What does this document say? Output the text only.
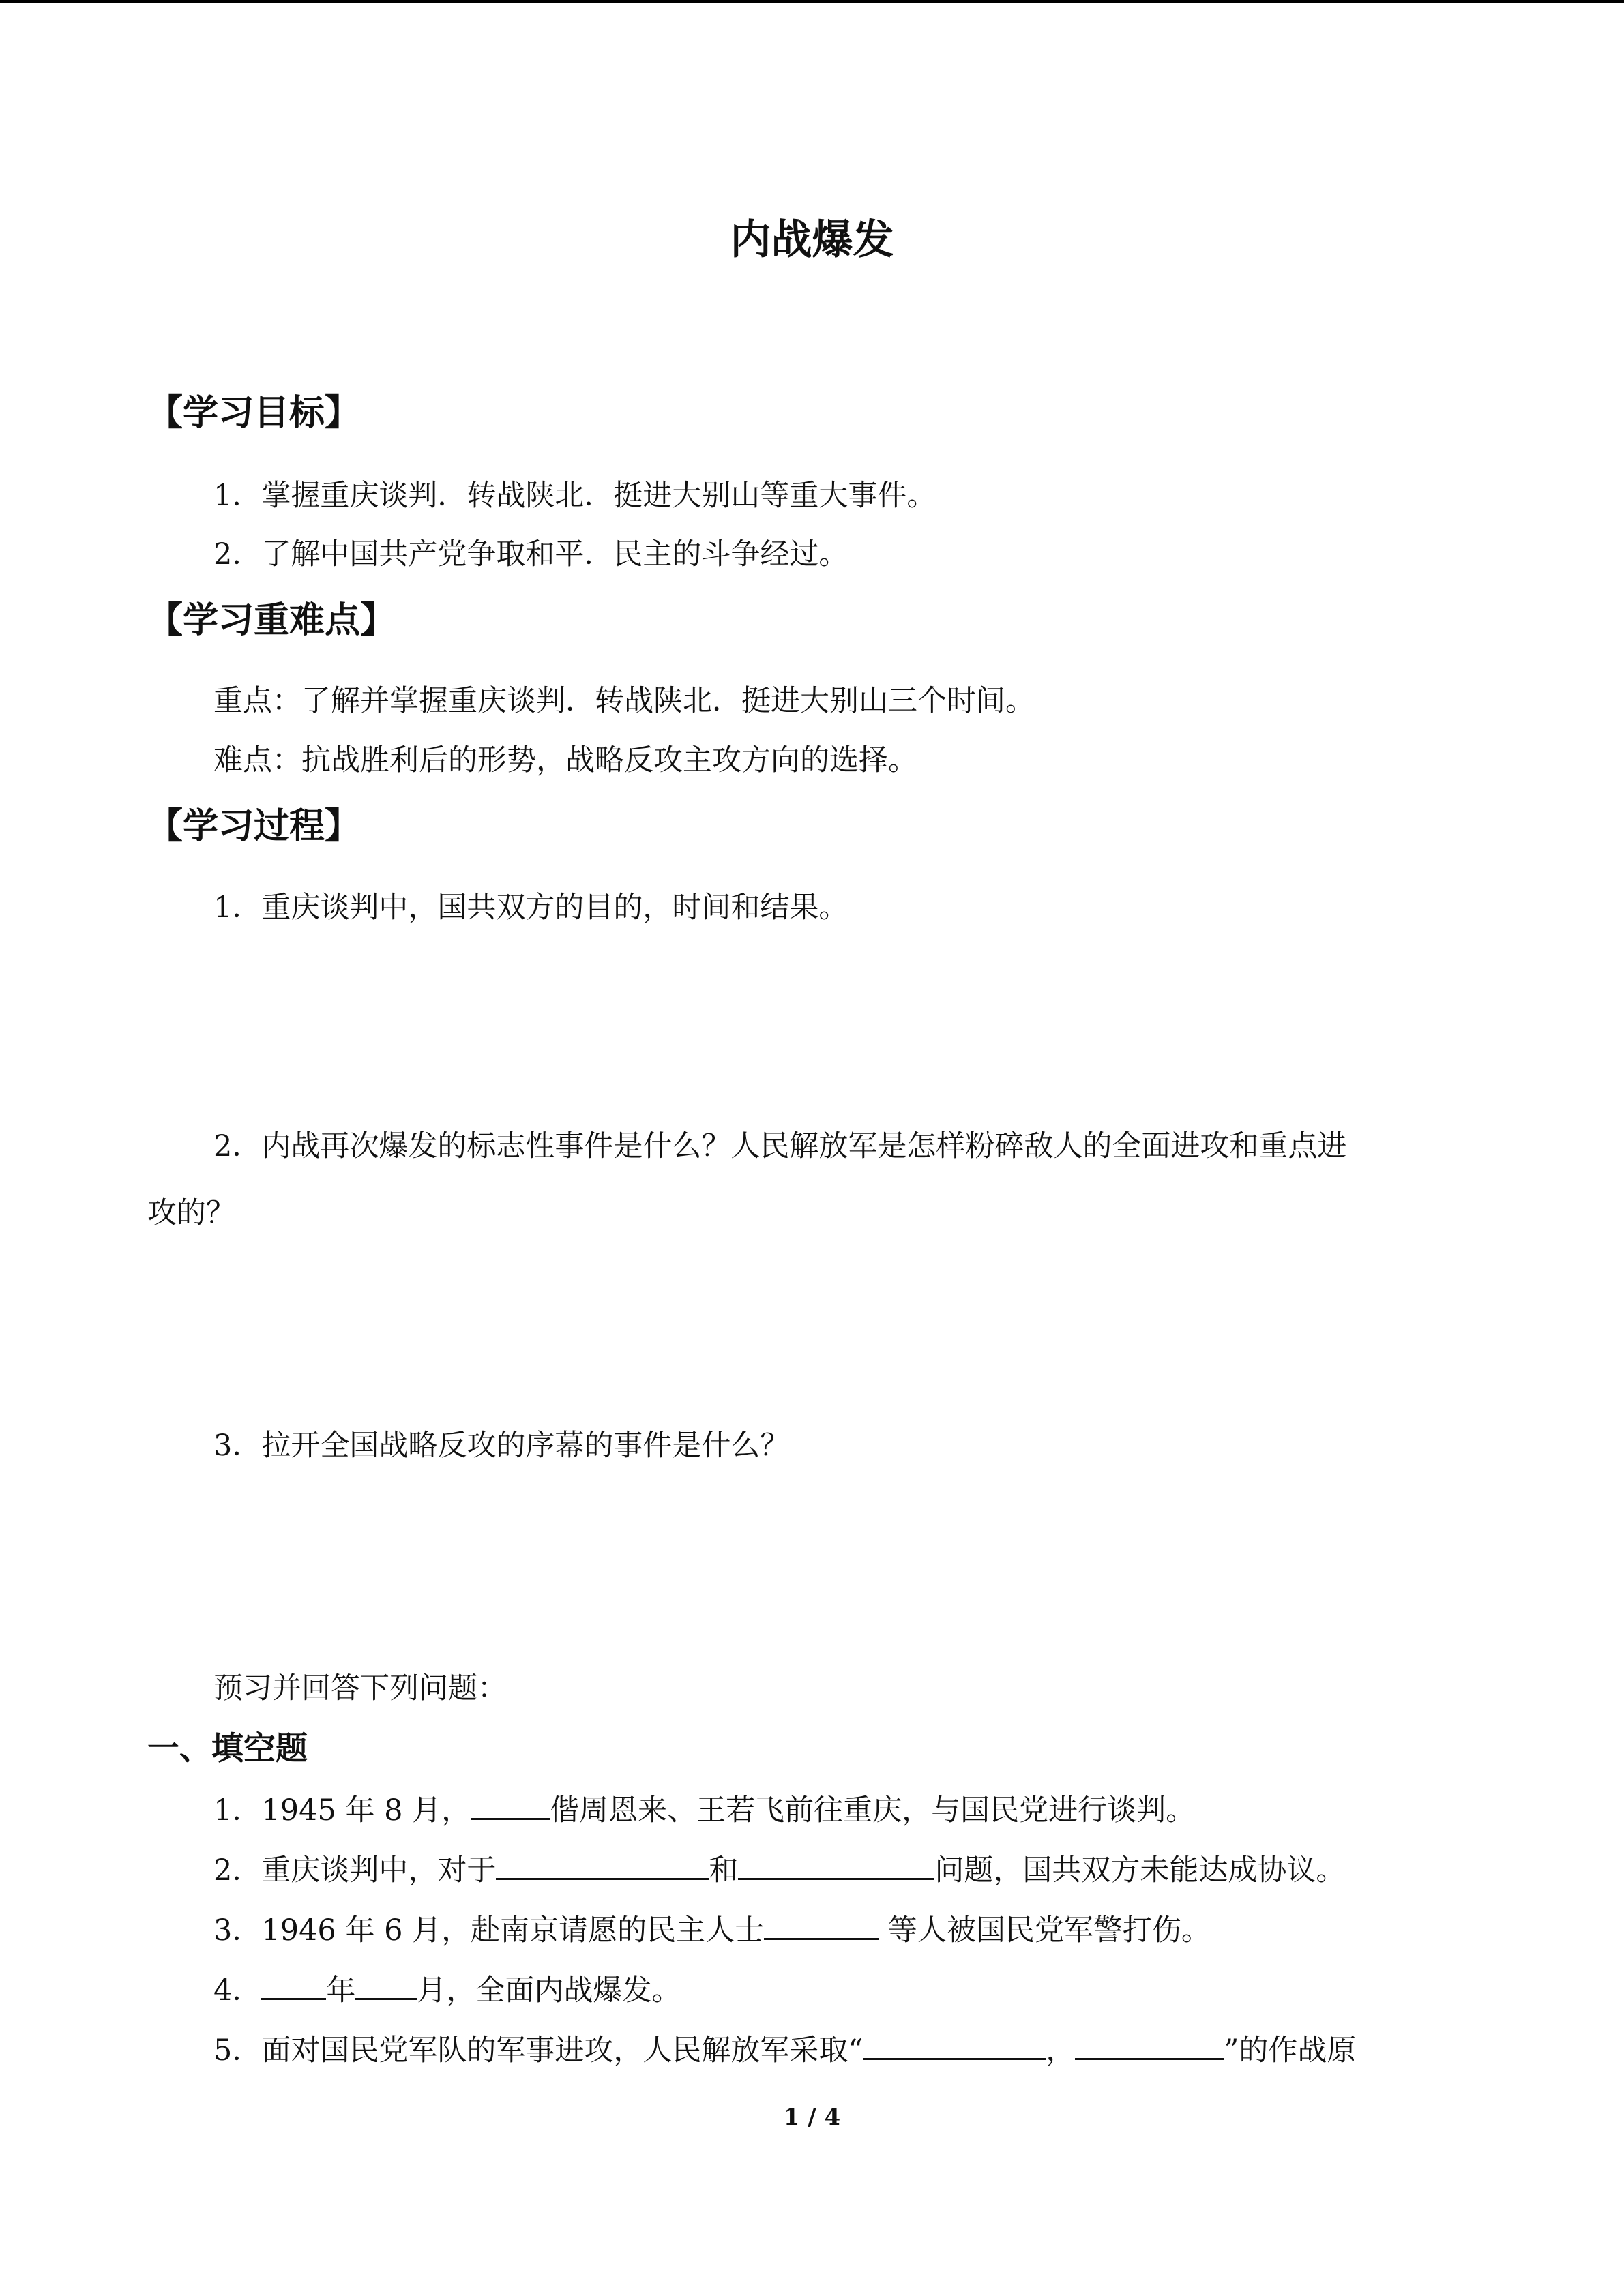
内战爆发
【学习目标】
1．掌握重庆谈判．转战陕北．挺进大别山等重大事件。
2．了解中国共产党争取和平．民主的斗争经过。
【学习重难点】
重点：了解并掌握重庆谈判．转战陕北．挺进大别山三个时间。
难点：抗战胜利后的形势，战略反攻主攻方向的选择。
【学习过程】
1．重庆谈判中，国共双方的目的，时间和结果。
2．内战再次爆发的标志性事件是什么？人民解放军是怎样粉碎敌人的全面进攻和重点进
攻的？
3．拉开全国战略反攻的序幕的事件是什么？
预习并回答下列问题：
一、填空题
1．1945 年 8 月，	偕周恩来、王若飞前往重庆，与国民党进行谈判。
2．重庆谈判中，对于	和	问题，国共双方未能达成协议。
3．1946 年 6 月，赴南京请愿的民主人士	等人被国民党军警打伤。
4． 年 月，全面内战爆发。
5．面对国民党军队的军事进攻，人民解放军采取“	，	”的作战原
1 / 4
